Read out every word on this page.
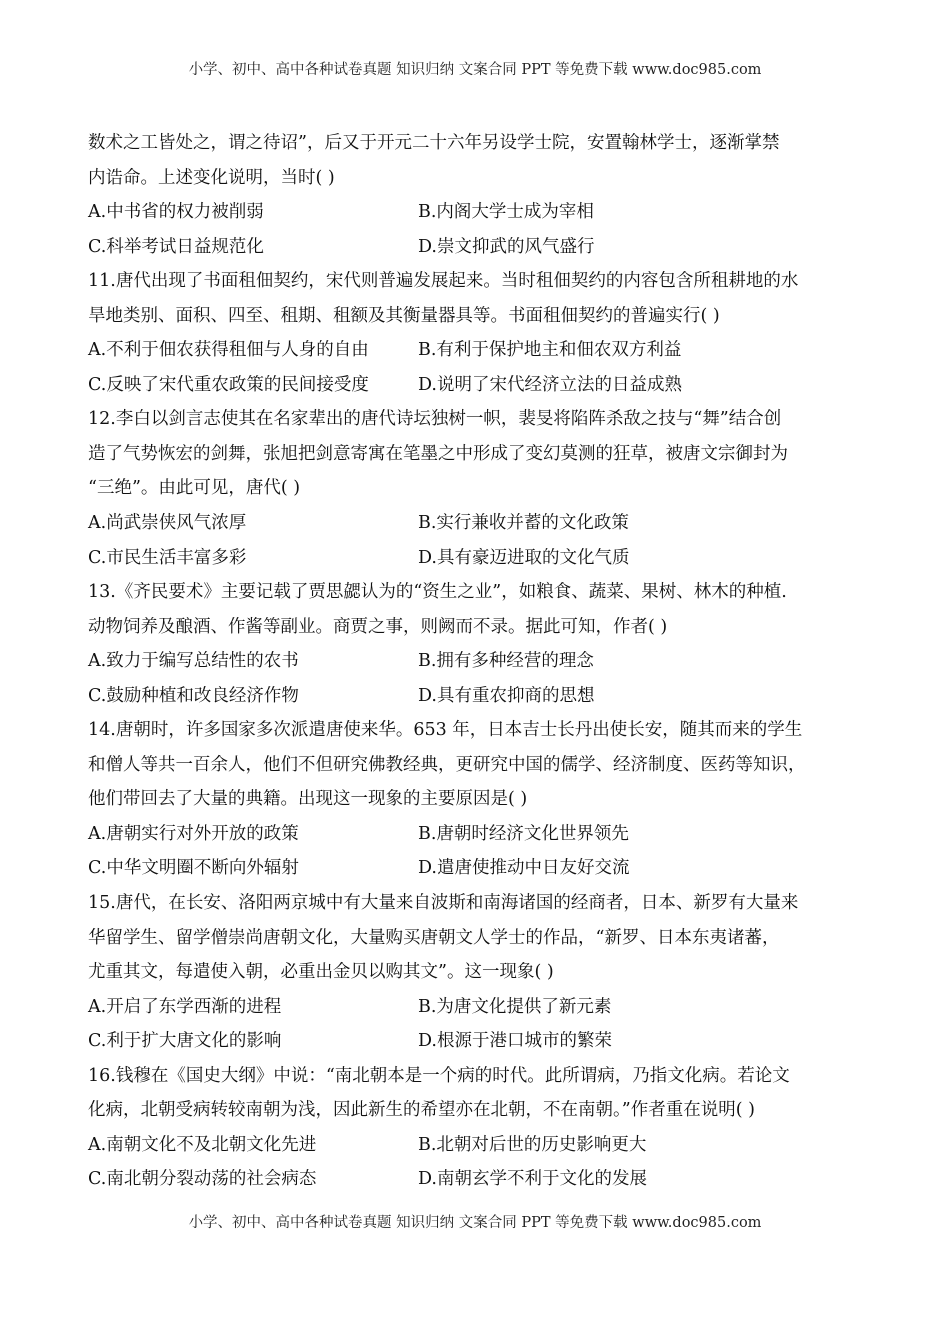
小学、初中、高中各种试卷真题 知识归纳 文案合同 PPT 等免费下载 www.doc985.com
数术之工皆处之，谓之待诏”，后又于开元二十六年另设学士院，安置翰林学士，逐渐掌禁
内诰命。上述变化说明，当时( )
A.中书省的权力被削弱	B.内阁大学士成为宰相
C.科举考试日益规范化	D.崇文抑武的风气盛行
11.唐代出现了书面租佃契约，宋代则普遍发展起来。当时租佃契约的内容包含所租耕地的水
旱地类别、面积、四至、租期、租额及其衡量器具等。书面租佃契约的普遍实行( )
A.不利于佃农获得租佃与人身的自由	B.有利于保护地主和佃农双方利益
C.反映了宋代重农政策的民间接受度	D.说明了宋代经济立法的日益成熟
12.李白以剑言志使其在名家辈出的唐代诗坛独树一帜，裴旻将陷阵杀敌之技与“舞”结合创
造了气势恢宏的剑舞，张旭把剑意寄寓在笔墨之中形成了变幻莫测的狂草，被唐文宗御封为
“三绝”。由此可见，唐代( )
A.尚武崇侠风气浓厚	B.实行兼收并蓄的文化政策
C.市民生活丰富多彩	D.具有豪迈进取的文化气质
13.《齐民要术》主要记载了贾思勰认为的“资生之业”，如粮食、蔬菜、果树、林木的种植.
动物饲养及酿酒、作酱等副业。商贾之事，则阙而不录。据此可知，作者( )
A.致力于编写总结性的农书	B.拥有多种经营的理念
C.鼓励种植和改良经济作物	D.具有重农抑商的思想
14.唐朝时，许多国家多次派遣唐使来华。653 年，日本吉士长丹出使长安，随其而来的学生
和僧人等共一百余人，他们不但研究佛教经典，更研究中国的儒学、经济制度、医药等知识，
他们带回去了大量的典籍。出现这一现象的主要原因是( )
A.唐朝实行对外开放的政策	B.唐朝时经济文化世界领先
C.中华文明圈不断向外辐射	D.遣唐使推动中日友好交流
15.唐代，在长安、洛阳两京城中有大量来自波斯和南海诸国的经商者，日本、新罗有大量来
华留学生、留学僧崇尚唐朝文化，大量购买唐朝文人学士的作品，“新罗、日本东夷诸蕃，
尤重其文，每遣使入朝，必重出金贝以购其文”。这一现象( )
A.开启了东学西渐的进程	B.为唐文化提供了新元素
C.利于扩大唐文化的影响	D.根源于港口城市的繁荣
16.钱穆在《国史大纲》中说：“南北朝本是一个病的时代。此所谓病，乃指文化病。若论文
化病，北朝受病转较南朝为浅，因此新生的希望亦在北朝，不在南朝。”作者重在说明( )
A.南朝文化不及北朝文化先进	B.北朝对后世的历史影响更大
C.南北朝分裂动荡的社会病态	D.南朝玄学不利于文化的发展
小学、初中、高中各种试卷真题 知识归纳 文案合同 PPT 等免费下载 www.doc985.com
